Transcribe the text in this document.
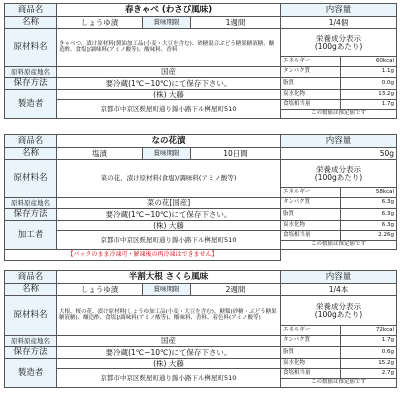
商品名	春きゃべ (わさび風味)			内容量	
名称	しょうゆ漬	賞味期限	1週間	1/4個	
原材料名	きゃべつ、漬け原材料[醤油加工品(小麦・大豆を含む)、砂糖混合ぶどう糖果糖液糖、醸造酢、食塩]/調味料(アミノ酸等)、酸味料、香料			栄養成分表示
(100gあたり)	
				エネルギー	60kcal
原料原産地名	国産			タンパク質	1.1g
保存方法	要冷蔵(1℃~10℃)にて保存下さい。			脂質	0.0g
製造者	(株) 大藤			炭水化物	13.2g
	京都市中京区麩屋町通り錦小路下ル桝屋町510			食塩相当量	1.7g
				この数値は推定値です	
商品名	なの花漬			内容量	
名称	塩漬	賞味期限	10日間	50g	
原材料名	菜の花、漬け原材料(食塩)/調味料(アミノ酸等)			栄養成分表示
(100gあたり)	
				エネルギー	58kcal
原料原産地名	菜の花[国産]			タンパク質	6.3g
保存方法	要冷蔵(1℃~10℃)にて保存下さい。			脂質	6.3g
加工者	(株) 大藤			炭水化物	6.3g
	京都市中京区麩屋町通り錦小路下ル桝屋町510			食塩相当量	2.26g
				この数値は推定値です	
【パックのまま冷凍可・解凍後の再冷凍はできません】					
商品名	半割大根 さくら風味			内容量	
名称	しょうゆ漬	賞味期限	2週間	1/4本	
原材料名	大根、桜の花、漬け原材料[しょうゆ加工品(小麦・大豆を含む)、糖類(砂糖・ぶどう糖果糖液糖)、醸造酢、食塩]/調味料(アミノ酸等)、酸味料、香料、着色料(アミノ酸等)			栄養成分表示
(100gあたり)	
				エネルギー	72kcal
原料原産地名	国産			タンパク質	1.7g
保存方法	要冷蔵(1℃~10℃)にて保存下さい。			脂質	0.6g
製造者	(株) 大藤			炭水化物	15.2g
	京都市中京区麩屋町通り錦小路下ル桝屋町510			食塩相当量	2.7g
				この数値は推定値です	
